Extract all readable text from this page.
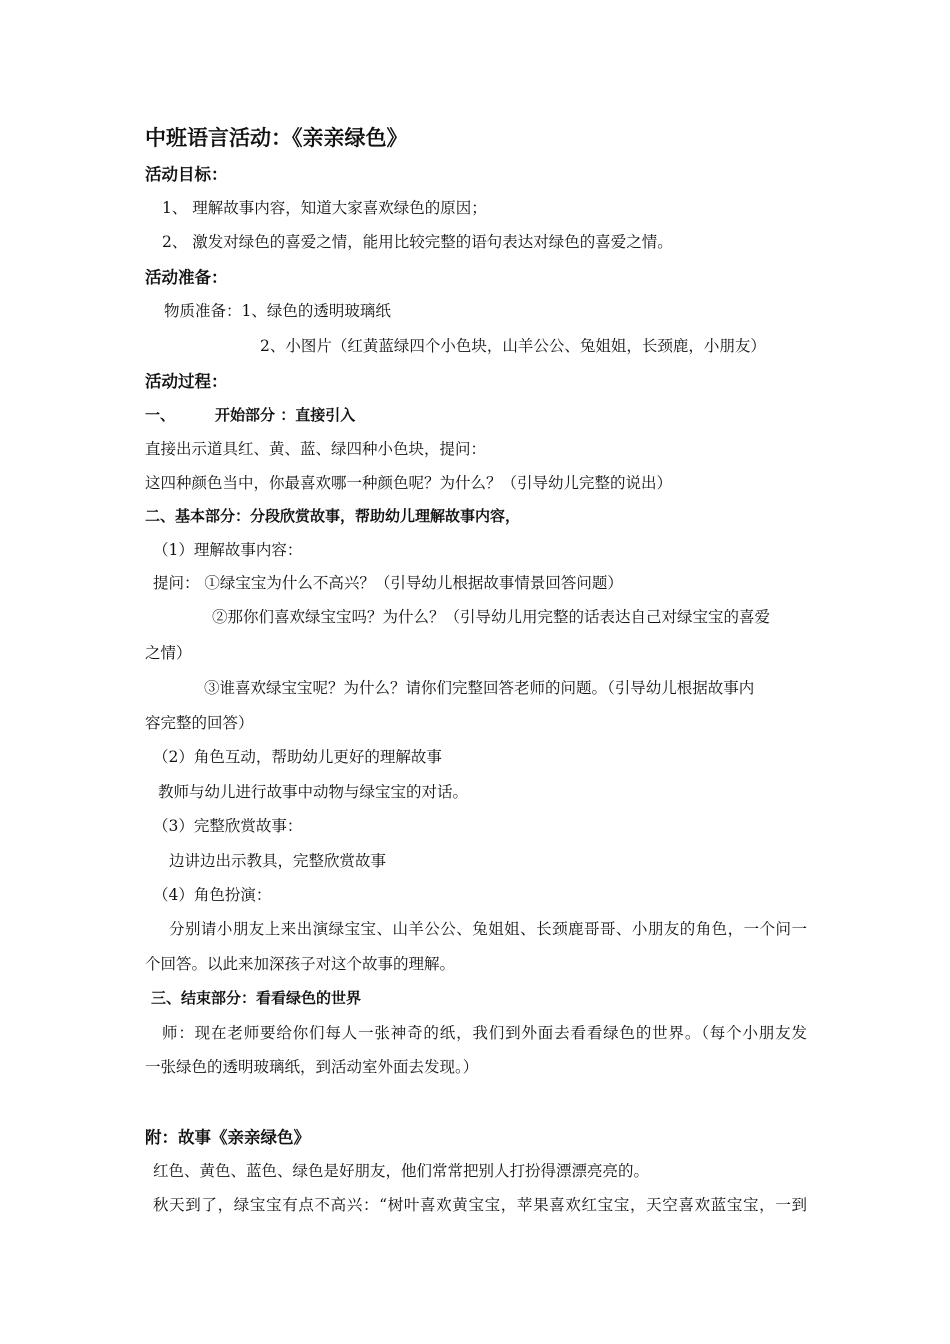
中班语言活动：《亲亲绿色》
活动目标：
1、 理解故事内容，知道大家喜欢绿色的原因；
2、 激发对绿色的喜爱之情，能用比较完整的语句表达对绿色的喜爱之情。
活动准备：
物质准备：1、绿色的透明玻璃纸
2、小图片（红黄蓝绿四个小色块，山羊公公、兔姐姐，长颈鹿，小朋友）
活动过程：
一、	开始部分 ：直接引入
直接出示道具红、黄、蓝、绿四种小色块，提问：
这四种颜色当中，你最喜欢哪一种颜色呢？为什么？（引导幼儿完整的说出）
二、基本部分：分段欣赏故事，帮助幼儿理解故事内容，
（1）理解故事内容：
提问： ①绿宝宝为什么不高兴？（引导幼儿根据故事情景回答问题）
②那你们喜欢绿宝宝吗？为什么？（引导幼儿用完整的话表达自己对绿宝宝的喜爱
之情）
③谁喜欢绿宝宝呢？为什么？请你们完整回答老师的问题。（引导幼儿根据故事内
容完整的回答）
（2）角色互动，帮助幼儿更好的理解故事
教师与幼儿进行故事中动物与绿宝宝的对话。
（3）完整欣赏故事：
边讲边出示教具，完整欣赏故事
（4）角色扮演：
分别请小朋友上来出演绿宝宝、山羊公公、兔姐姐、长颈鹿哥哥、小朋友的角色，一个问一
个回答。以此来加深孩子对这个故事的理解。
三、结束部分：看看绿色的世界
师：现在老师要给你们每人一张神奇的纸，我们到外面去看看绿色的世界。（每个小朋友发
一张绿色的透明玻璃纸，到活动室外面去发现。）
附：故事《亲亲绿色》
红色、黄色、蓝色、绿色是好朋友，他们常常把别人打扮得漂漂亮亮的。
秋天到了，绿宝宝有点不高兴：“树叶喜欢黄宝宝，苹果喜欢红宝宝，天空喜欢蓝宝宝，一到
